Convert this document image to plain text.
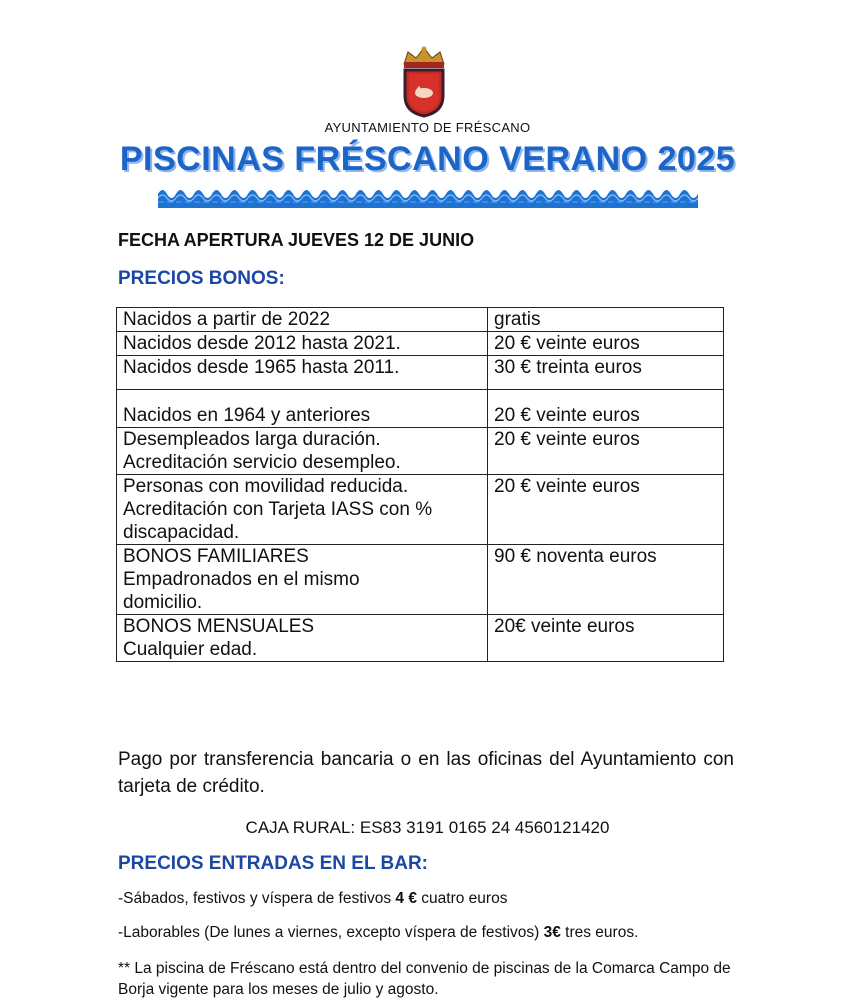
AYUNTAMIENTO DE FRÉSCANO
PISCINAS FRÉSCANO VERANO 2025
FECHA APERTURA JUEVES 12 DE JUNIO
PRECIOS BONOS:
Nacidos a partir de 2022	gratis

Nacidos desde 2012 hasta 2021.	20 € veinte euros

Nacidos desde 1965 hasta 2011.	30 € treinta euros

Nacidos en 1964 y anteriores	20 € veinte euros

Desempleados larga duración.
Acreditación servicio desempleo.	20 € veinte euros

Personas con movilidad reducida.
Acreditación con Tarjeta IASS con %
discapacidad.	20 € veinte euros

BONOS FAMILIARES
Empadronados en el mismo
domicilio.	90 € noventa euros

BONOS MENSUALES
Cualquier edad.	20€ veinte euros
Pago por transferencia bancaria o en las oficinas del Ayuntamiento con tarjeta de crédito.
CAJA RURAL: ES83 3191 0165 24 4560121420
PRECIOS ENTRADAS EN EL BAR:
-Sábados, festivos y víspera de festivos 4 € cuatro euros
-Laborables (De lunes a viernes, excepto víspera de festivos) 3€ tres euros.
** La piscina de Fréscano está dentro del convenio de piscinas de la Comarca Campo de Borja vigente para los meses de julio y agosto.
